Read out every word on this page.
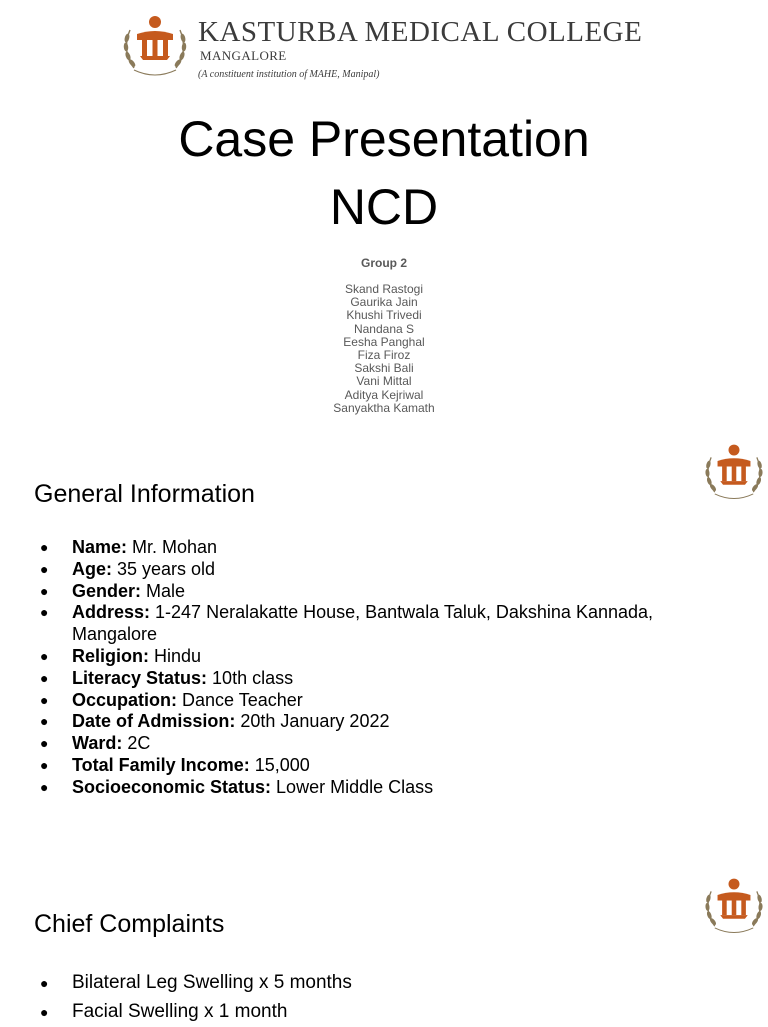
KASTURBA MEDICAL COLLEGE
MANGALORE
(A constituent institution of MAHE, Manipal)
Case Presentation
NCD
Group 2
Skand Rastogi
Gaurika Jain
Khushi Trivedi
Nandana S
Eesha Panghal
Fiza Firoz
Sakshi Bali
Vani Mittal
Aditya Kejriwal
Sanyaktha Kamath
General Information
● Name: Mr. Mohan
● Age: 35 years old
● Gender: Male
● Address: 1-247 Neralakatte House, Bantwala Taluk, Dakshina Kannada, Mangalore
● Religion: Hindu
● Literacy Status: 10th class
● Occupation: Dance Teacher
● Date of Admission: 20th January 2022
● Ward: 2C
● Total Family Income: 15,000
● Socioeconomic Status: Lower Middle Class
Chief Complaints
● Bilateral Leg Swelling x 5 months
● Facial Swelling x 1 month
